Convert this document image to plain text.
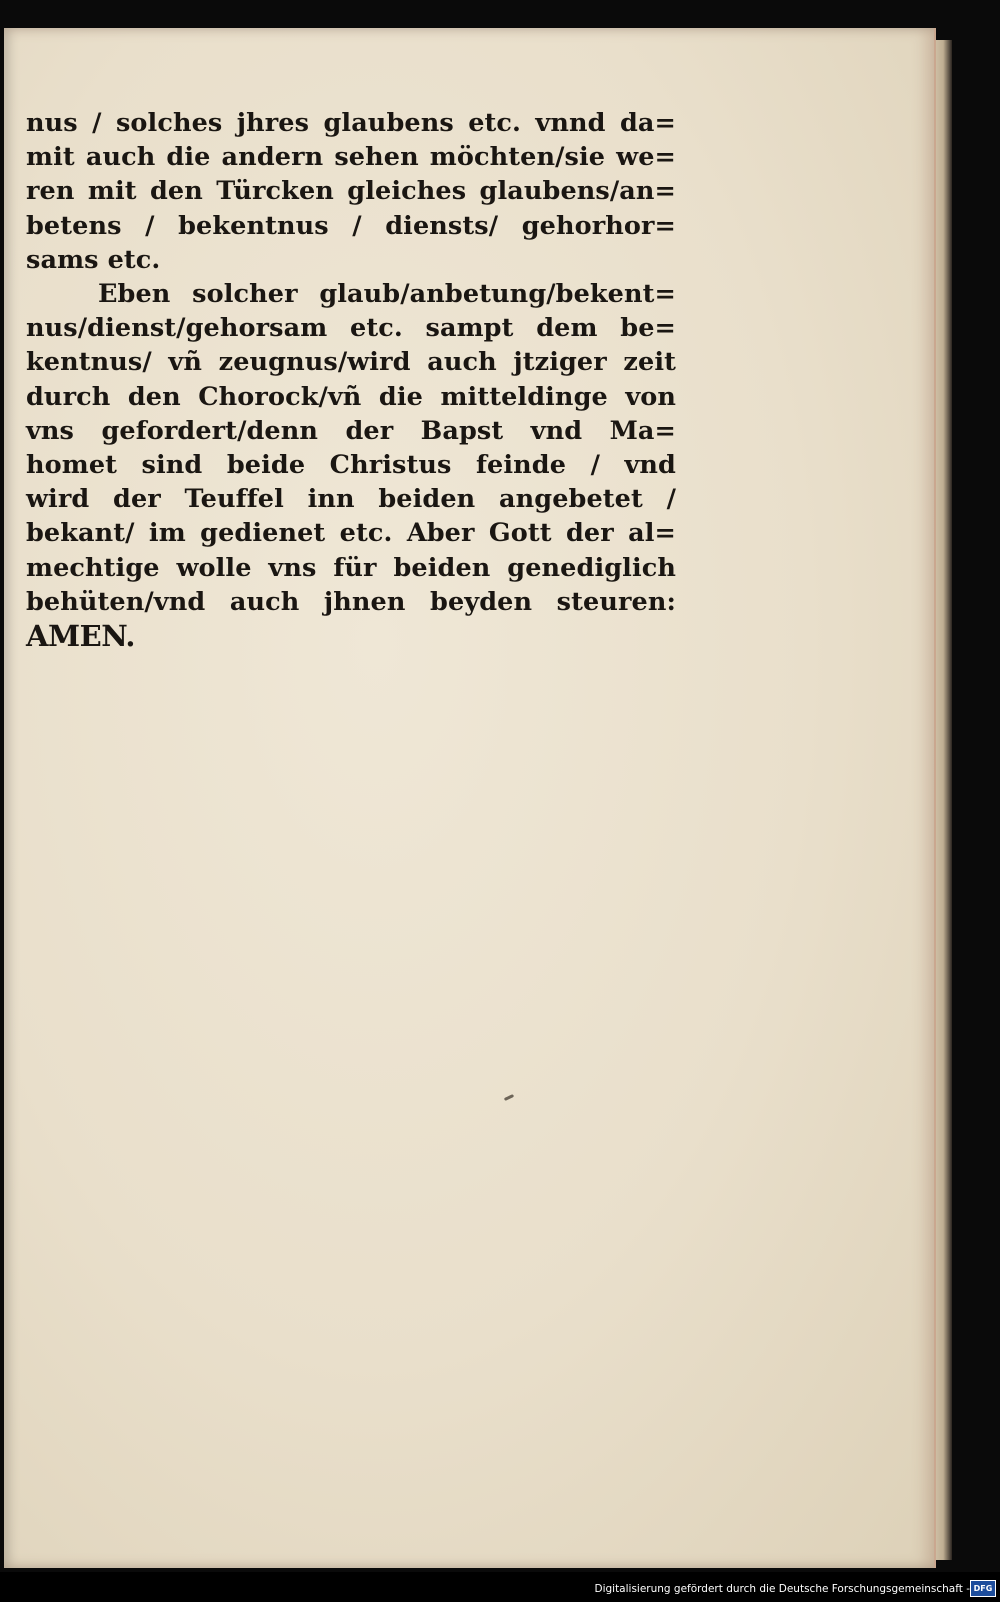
nus / solches jhres glaubens etc. vnnd da=
mit auch die andern sehen möchten/sie we=
ren mit den Türcken gleiches glaubens/an=
betens / bekentnus / diensts/ gehorhor=
sams etc.
Eben solcher glaub/anbetung/bekent=
nus/dienst/gehorsam etc. sampt dem be=
kentnus/ vñ zeugnus/wird auch jtziger zeit
durch den Chorock/vñ die mitteldinge von
vns gefordert/denn der Bapst vnd Ma=
homet sind beide Christus feinde / vnd
wird der Teuffel inn beiden angebetet /
bekant/ im gedienet etc. Aber Gott der al=
mechtige wolle vns für beiden genediglich
behüten/vnd auch jhnen beyden steuren:
AMEN.
Digitalisierung gefördert durch die Deutsche Forschungsgemeinschaft - DFG
